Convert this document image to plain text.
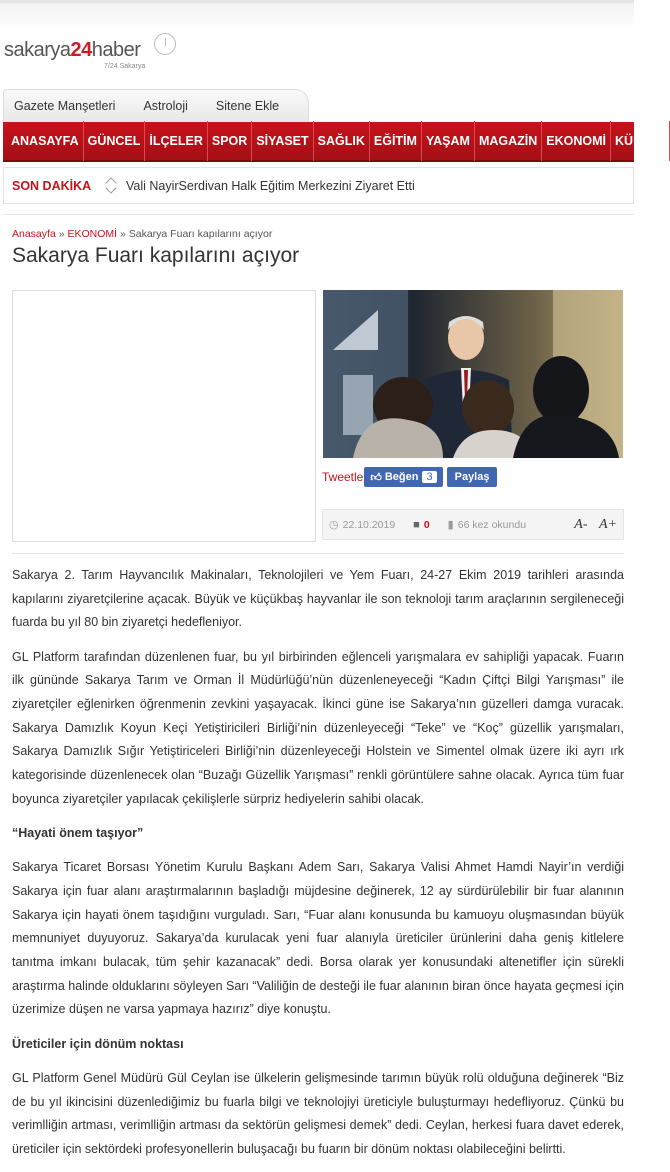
sakarya24haber
7/24 Sakarya
Gazete Manşetleri Astroloji Sitene Ekle
ANASAYFA GÜNCEL İLÇELER SPOR SİYASET SAĞLIK EĞİTİM YAŞAM MAGAZİN EKONOMİ KÜLTÜR
SON DAKİKA	Vali NayirSerdivan Halk Eğitim Merkezini Ziyaret Etti
Anasayfa » EKONOMİ » Sakarya Fuarı kapılarını açıyor
Sakarya Fuarı kapılarını açıyor
Tweetle 👍︎ Beğen 3	Paylaş
◷ 22.10.2019 ■ 0 ▮ 66 kez okundu	A- A+

Sakarya 2. Tarım Hayvancılık Makinaları, Teknolojileri ve Yem Fuarı, 24-27 Ekim 2019 tarihleri arasında kapılarını ziyaretçilerine açacak. Büyük ve küçükbaş hayvanlar ile son teknoloji tarım araçlarının sergileneceği fuarda bu yıl 80 bin ziyaretçi hedefleniyor.

GL Platform tarafından düzenlenen fuar, bu yıl birbirinden eğlenceli yarışmalara ev sahipliği yapacak. Fuarın ilk gününde Sakarya Tarım ve Orman İl Müdürlüğü’nün düzenleneyeceği “Kadın Çiftçi Bilgi Yarışması” ile ziyaretçiler eğlenirken öğrenmenin zevkini yaşayacak. İkinci güne ise Sakarya’nın güzelleri damga vuracak. Sakarya Damızlık Koyun Keçi Yetiştiricileri Birliği’nin düzenleyeceği “Teke” ve “Koç” güzellik yarışmaları, Sakarya Damızlık Sığır Yetiştiriceleri Birliği’nin düzenleyeceği Holstein ve Simentel olmak üzere iki ayrı ırk kategorisinde düzenlenecek olan “Buzağı Güzellik Yarışması” renkli görüntülere sahne olacak. Ayrıca tüm fuar boyunca ziyaretçiler yapılacak çekilişlerle sürpriz hediyelerin sahibi olacak.

“Hayati önem taşıyor”

Sakarya Ticaret Borsası Yönetim Kurulu Başkanı Adem Sarı, Sakarya Valisi Ahmet Hamdi Nayir’ın verdiği Sakarya için fuar alanı araştırmalarının başladığı müjdesine değinerek, 12 ay sürdürülebilir bir fuar alanının Sakarya için hayati önem taşıdığını vurguladı. Sarı, “Fuar alanı konusunda bu kamuoyu oluşmasından büyük memnuniyet duyuyoruz. Sakarya’da kurulacak yeni fuar alanıyla üreticiler ürünlerini daha geniş kitlelere tanıtma imkanı bulacak, tüm şehir kazanacak” dedi. Borsa olarak yer konusundaki altenetifler için sürekli araştırma halinde olduklarını söyleyen Sarı “Valiliğin de desteği ile fuar alanının biran önce hayata geçmesi için üzerimize düşen ne varsa yapmaya hazırız” diye konuştu.

Üreticiler için dönüm noktası

GL Platform Genel Müdürü Gül Ceylan ise ülkelerin gelişmesinde tarımın büyük rolü olduğuna değinerek “Biz de bu yıl ikincisini düzenlediğimiz bu fuarla bilgi ve teknolojiyi üreticiyle buluşturmayı hedefliyoruz. Çünkü bu verimlliğin artması, verimlliğin artması da sektörün gelişmesi demek” dedi. Ceylan, herkesi fuara davet ederek, üreticiler için sektördeki profesyonellerin buluşacağı bu fuarın bir dönüm noktası olabileceğini belirtti.
